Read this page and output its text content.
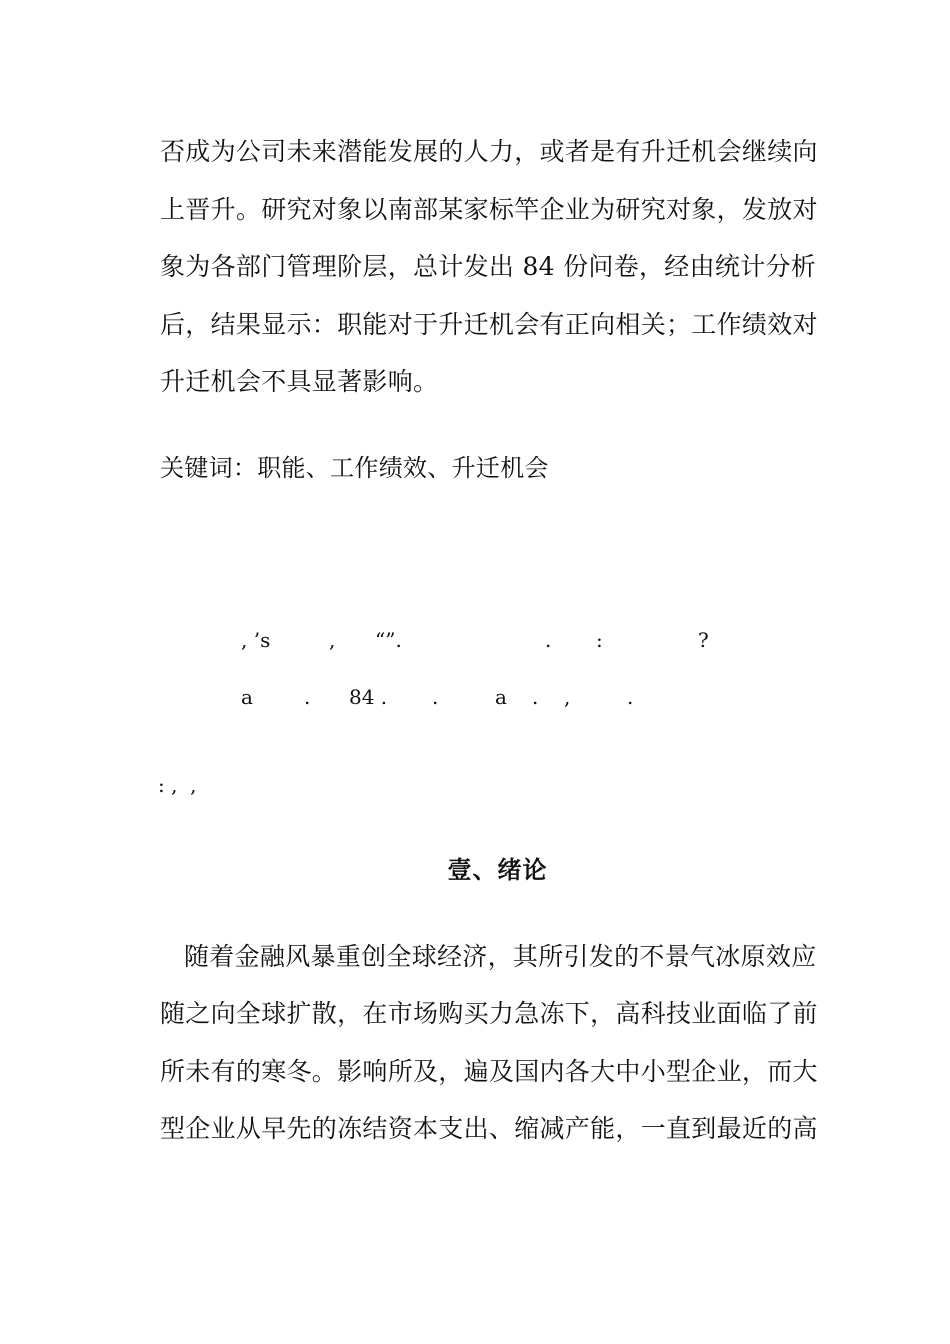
否成为公司未来潜能发展的人力，或者是有升迁机会继续向
上晋升。研究对象以南部某家标竿企业为研究对象，发放对
象为各部门管理阶层，总计发出 84 份问卷，经由统计分析
后，结果显示：职能对于升迁机会有正向相关；工作绩效对
升迁机会不具显著影响。
关键词：职能、工作绩效、升迁机会
, ’s	, “”.	. :	?
a	. 84 . .	a . ,	.
: ,  ,
壹、绪论
随着金融风暴重创全球经济，其所引发的不景气冰原效应
随之向全球扩散，在市场购买力急冻下，高科技业面临了前
所未有的寒冬。影响所及，遍及国内各大中小型企业，而大
型企业从早先的冻结资本支出、缩减产能，一直到最近的高
